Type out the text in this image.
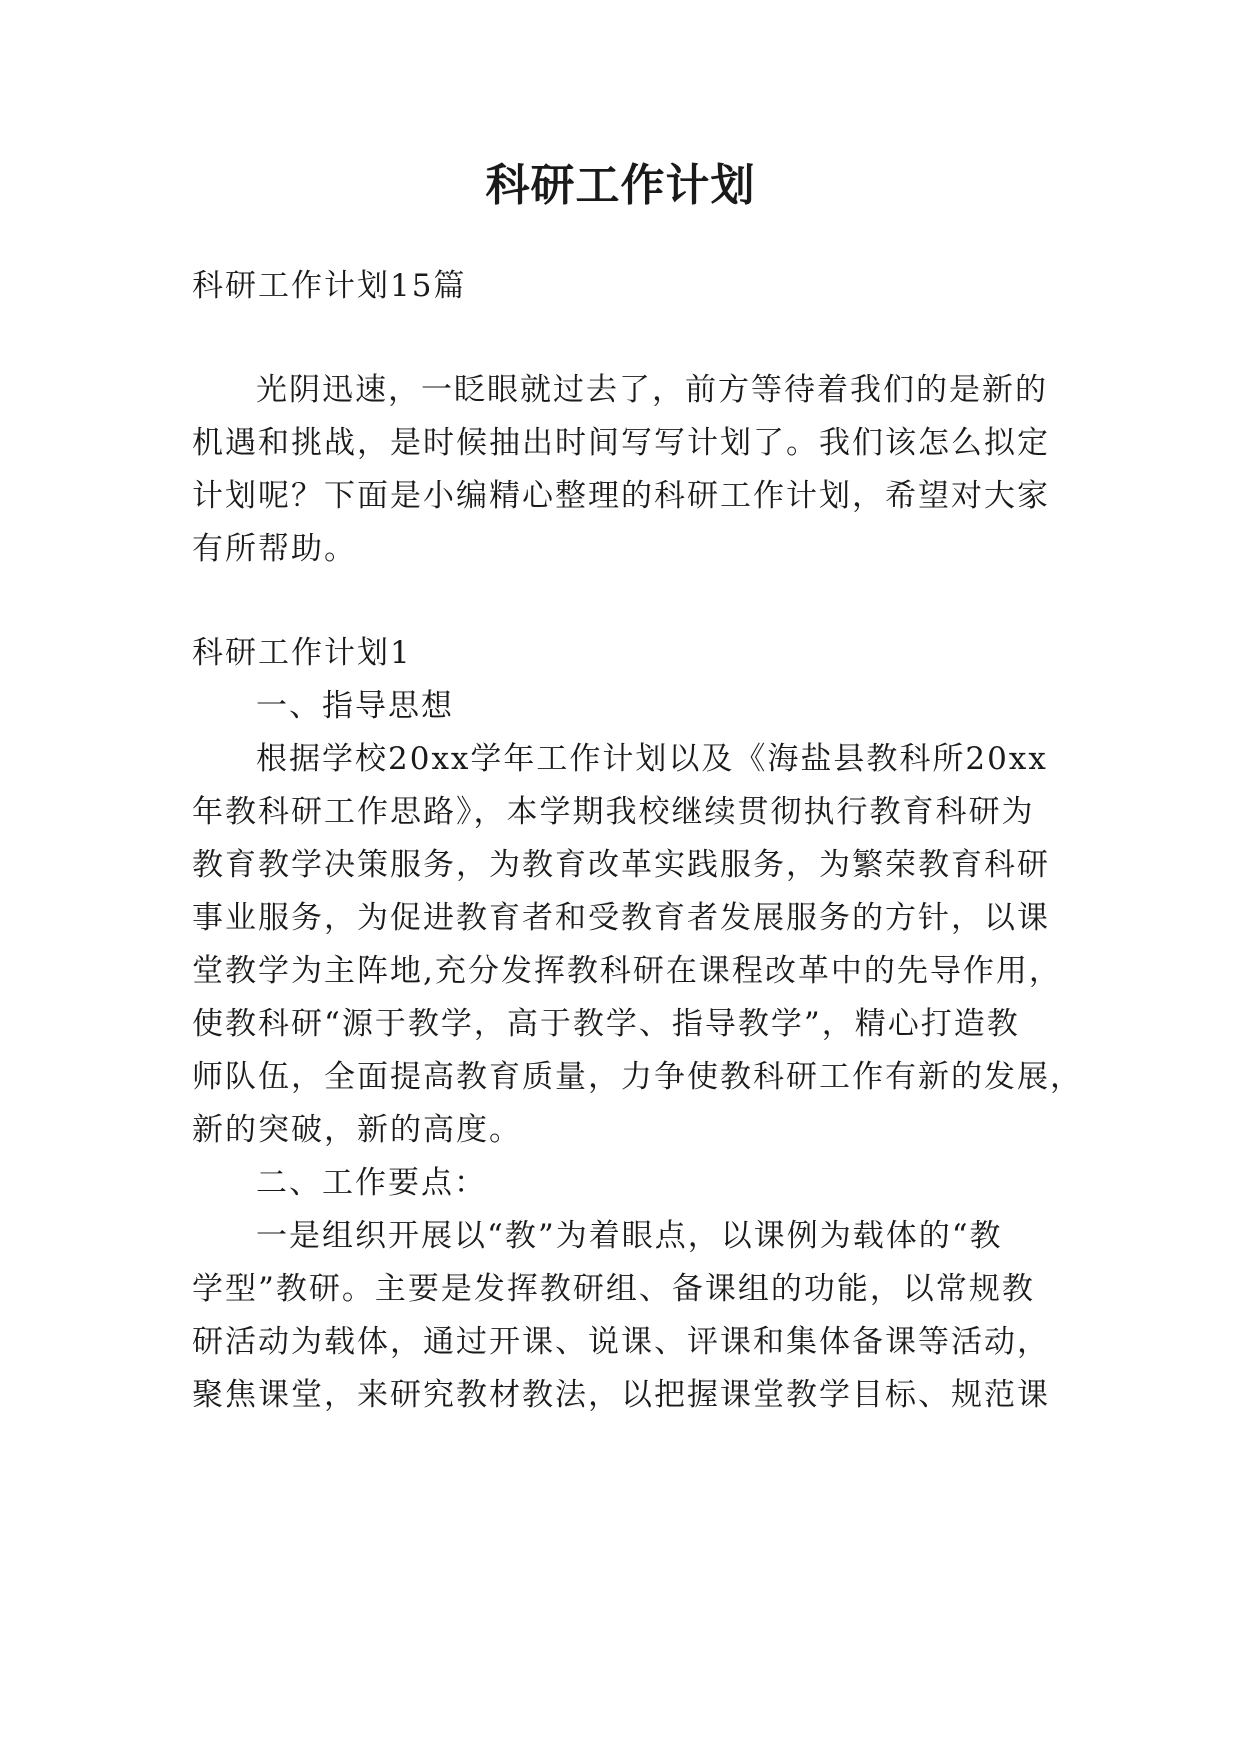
科研工作计划
科研工作计划15篇
光阴迅速，一眨眼就过去了，前方等待着我们的是新的
机遇和挑战，是时候抽出时间写写计划了。我们该怎么拟定
计划呢？下面是小编精心整理的科研工作计划，希望对大家
有所帮助。
科研工作计划1
一、指导思想
根据学校20xx学年工作计划以及《海盐县教科所20xx
年教科研工作思路》，本学期我校继续贯彻执行教育科研为
教育教学决策服务，为教育改革实践服务，为繁荣教育科研
事业服务，为促进教育者和受教育者发展服务的方针，以课
堂教学为主阵地,充分发挥教科研在课程改革中的先导作用，
使教科研“源于教学，高于教学、指导教学”，精心打造教
师队伍，全面提高教育质量，力争使教科研工作有新的发展，
新的突破，新的高度。
二、工作要点：
一是组织开展以“教”为着眼点，以课例为载体的“教
学型”教研。主要是发挥教研组、备课组的功能，以常规教
研活动为载体，通过开课、说课、评课和集体备课等活动，
聚焦课堂，来研究教材教法，以把握课堂教学目标、规范课
